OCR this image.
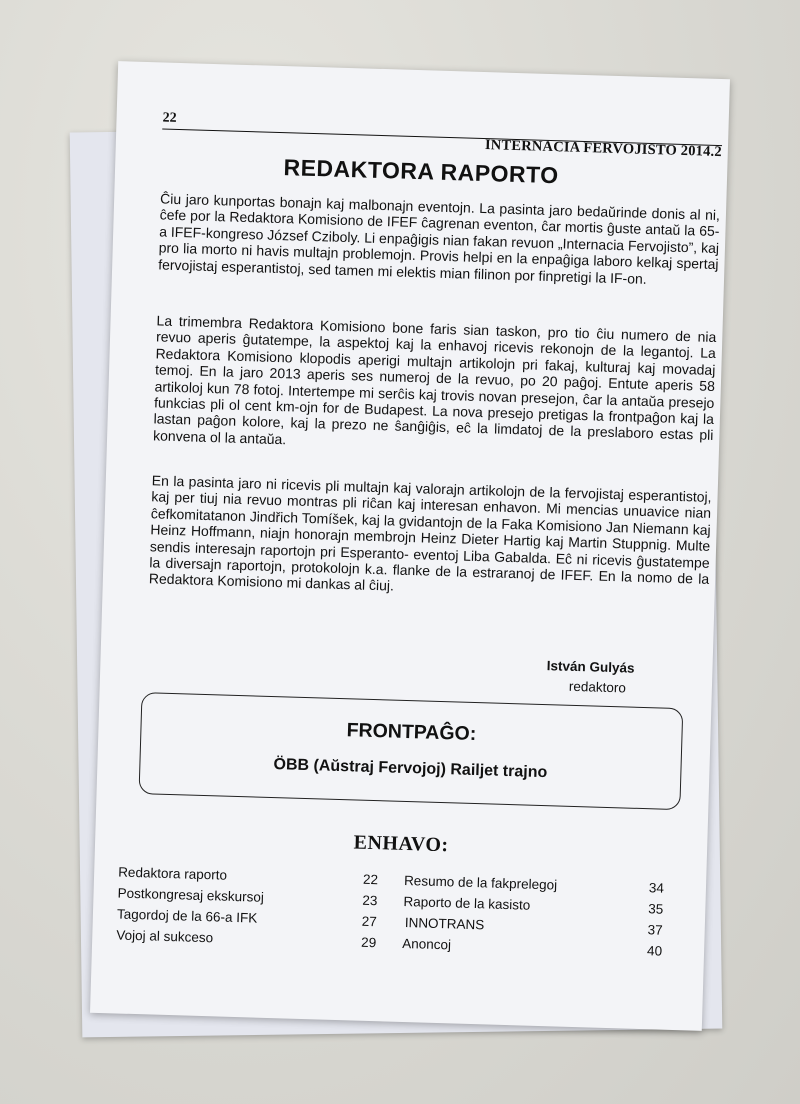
22
INTERNACIA FERVOJISTO 2014.2
REDAKTORA RAPORTO

Ĉiu jaro kunportas bonajn kaj malbonajn eventojn. La pasinta jaro bedaŭrinde donis al ni, ĉefe por la Redaktora Komisiono de IFEF ĉagrenan eventon, ĉar mortis ĝuste antaŭ la 65-a IFEF-kongreso József Cziboly. Li enpaĝigis nian fakan revuon „Internacia Fervojisto”, kaj pro lia morto ni havis multajn problemojn. Provis helpi en la enpaĝiga laboro kelkaj spertaj fervojistaj esperantistoj, sed tamen mi elektis mian filinon por finpretigi la IF-on.

La trimembra Redaktora Komisiono bone faris sian taskon, pro tio ĉiu numero de nia revuo aperis ĝutatempe, la aspektoj kaj la enhavoj ricevis rekonojn de la legantoj. La Redaktora Komisiono klopodis aperigi multajn artikolojn pri fakaj, kulturaj kaj movadaj temoj. En la jaro 2013 aperis ses numeroj de la revuo, po 20 paĝoj. Entute aperis 58 artikoloj kun 78 fotoj. Intertempe mi serĉis kaj trovis novan presejon, ĉar la antaŭa presejo funkcias pli ol cent km-ojn for de Budapest. La nova presejo pretigas la frontpaĝon kaj la lastan paĝon kolore, kaj la prezo ne ŝanĝiĝis, eĉ la limdatoj de la preslaboro estas pli konvena ol la antaŭa.

En la pasinta jaro ni ricevis pli multajn kaj valorajn artikolojn de la fervojistaj esperantistoj, kaj per tiuj nia revuo montras pli riĉan kaj interesan enhavon. Mi mencias unuavice nian ĉefkomitatanon Jindřich Tomíšek, kaj la gvidantojn de la Faka Komisiono Jan Niemann kaj Heinz Hoffmann, niajn honorajn membrojn Heinz Dieter Hartig kaj Martin Stuppnig. Multe sendis interesajn raportojn pri Esperanto- eventoj Liba Gabalda. Eĉ ni ricevis ĝustatempe la diversajn raportojn, protokolojn k.a. flanke de la estraranoj de IFEF. En la nomo de la Redaktora Komisiono mi dankas al ĉiuj.

István Gulyás
redaktoro
FRONTPAĜO:
ÖBB (Aŭstraj Fervojoj) Railjet trajno
ENHAVO:
Redaktora raporto	22
Postkongresaj ekskursoj	23
Tagordoj de la 66-a IFK	27
Vojoj al sukceso	29
Resumo de la fakprelegoj	34
Raporto de la kasisto	35
INNOTRANS	37
Anoncoj	40
